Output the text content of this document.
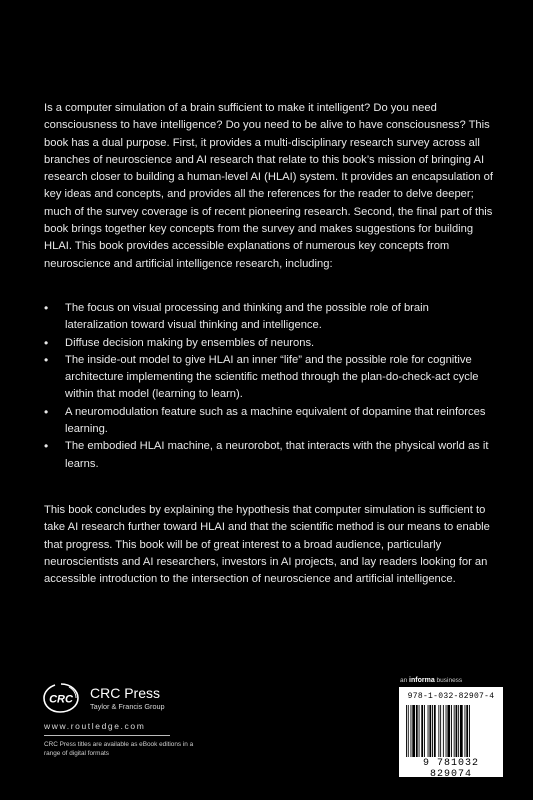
Is a computer simulation of a brain sufficient to make it intelligent? Do you need consciousness to have intelligence? Do you need to be alive to have consciousness? This book has a dual purpose. First, it provides a multi-disciplinary research survey across all branches of neuroscience and AI research that relate to this book’s mission of bringing AI research closer to building a human-level AI (HLAI) system. It provides an encapsulation of key ideas and concepts, and provides all the references for the reader to delve deeper; much of the survey coverage is of recent pioneering research. Second, the final part of this book brings together key concepts from the survey and makes suggestions for building HLAI. This book provides accessible explanations of numerous key concepts from neuroscience and artificial intelligence research, including:

• The focus on visual processing and thinking and the possible role of brain lateralization toward visual thinking and intelligence.
• Diffuse decision making by ensembles of neurons.
• The inside-out model to give HLAI an inner “life” and the possible role for cognitive architecture implementing the scientific method through the plan-do-check-act cycle within that model (learning to learn).
• A neuromodulation feature such as a machine equivalent of dopamine that reinforces learning.
• The embodied HLAI machine, a neurorobot, that interacts with the physical world as it learns.

This book concludes by explaining the hypothesis that computer simulation is sufficient to take AI research further toward HLAI and that the scientific method is our means to enable that progress. This book will be of great interest to a broad audience, particularly neuroscientists and AI researchers, investors in AI projects, and lay readers looking for an accessible introduction to the intersection of neuroscience and artificial intelligence.

CRC CRC Press
Taylor & Francis Group
www.routledge.com
CRC Press titles are available as eBook editions in a range of digital formats
an informa business
978-1-032-82907-4
9 781032 829074
